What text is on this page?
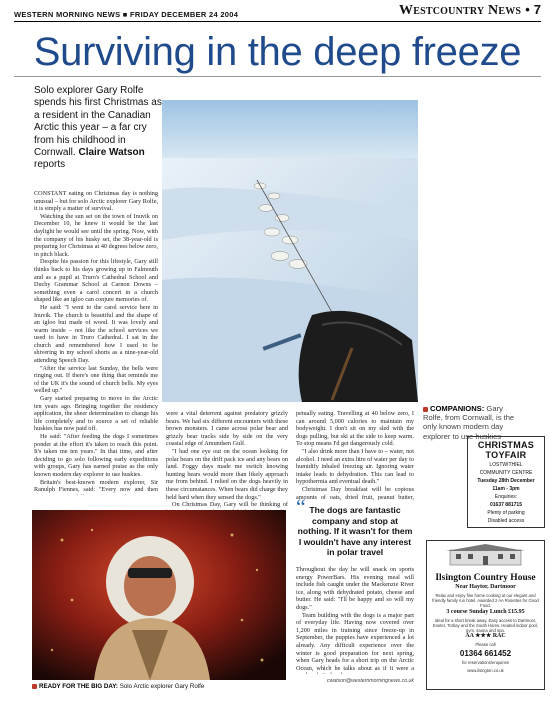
WESTERN MORNING NEWS ■ FRIDAY DECEMBER 24 2004	Westcountry News • 7
Surviving in the deep freeze
Solo explorer Gary Rolfe spends his first Christmas as a resident in the Canadian Arctic this year – a far cry from his childhood in Cornwall. Claire Watson reports

CONSTANT eating on Christmas day is nothing unusual – but for solo Arctic explorer Gary Rolfe, it is simply a matter of survival.

Watching the sun set on the town of Inuvik on December 10, he knew it would be the last daylight he would see until the spring. Now, with the company of his husky set, the 38-year-old is preparing for Christmas at 40 degrees below zero, in pitch black.

Despite his passion for this lifestyle, Gary still thinks back to his days growing up in Falmouth and as a pupil at Truro's Cathedral School and Duchy Grammar School at Carnon Downs – something even a carol concert in a church shaped like an igloo can conjure memories of.

He said: "I went to the carol service here in Inuvik. The church is beautiful and the shape of an igloo but made of wood. It was lovely and warm inside – not like the school services we used to have in Truro Cathedral. I sat in the church and remembered how I used to be shivering in my school shorts as a nine-year-old attending Speech Day.

"After the service last Sunday, the bells were ringing out. If there's one thing that reminds me of the UK it's the sound of church bells. My eyes welled up."

Gary started preparing to move to the Arctic ten years ago. Bringing together the residency application, the sheer determination to change his life completely and to source a set of reliable huskies has now paid off.

He said: "After feeding the dogs I sometimes ponder at the effort it's taken to reach this point. It's taken me ten years." In that time, and after deciding to go solo following early expeditions with groups, Gary has earned praise as the only known modern day explorer to use huskies.

Britain's best-known modern explorer, Sir Ranulph Fiennes, said: "Every now and then

were a vital deterrent against predatory grizzly bears. We had six different encounters with these brown monsters. I came across polar bear and grizzly bear tracks side by side on the very coastal edge of Amundsen Gulf.

"I had one eye out on the ocean looking for polar bears on the drift pack ice and any bears on land. Foggy days made me switch knowing hunting bears would more than likely approach me from behind. I relied on the dogs heavily in these circumstances. When bears did charge they held hard when they sensed the dogs."

On Christmas Day, Gary will be thinking of

petually eating. Travelling at 40 below zero, I can around 5,000 calories to maintain my bodyweight. I don't sit on my sled with the dogs pulling, but ski at the side to keep warm. To stop means I'd get dangerously cold.

"I also drink more than I have to – water, not alcohol. I need an extra litre of water per day to humidify inhaled freezing air. Ignoring water intake leads to dehydration. This can lead to hypothermia and eventual death."

Christmas Day breakfast will be copious amounts of oats, dried fruit, peanut butter,

“ The dogs are fantastic company and stop at nothing. If it wasn't for them I wouldn't have any interest in polar travel

Throughout the day he will snack on sports energy PowerBars. His evening meal will include fish caught under the Mackenzie River ice, along with dehydrated potato, cheese and butter. He said: "I'll be happy and so will my dogs."

Team building with the dogs is a major part of everyday life. Having now covered over 1,200 miles in training since freeze-up in September, the puppies have experienced a lot already. Any difficult experience over the winter is good preparation for next spring, when Gary heads for a short trip on the Arctic Ocean, which he talks about as if it were a

cwatson@westernmorningnews.co.uk
COMPANIONS: Gary Rolfe, from Cornwall, is the only known modern day explorer to use huskies
READY FOR THE BIG DAY: Solo Arctic explorer Gary Rolfe
CHRISTMAS
TOYFAIR
LOSTWITHIEL
COMMUNITY CENTRE
Tuesday 28th December
11am - 3pm
Enquiries:
01637 881715
Plenty of parking
Disabled access
Ilsington Country House
Near Haytor, Dartmoor
Relax and enjoy fine home cooking at our elegant and friendly family run hotel. Awarded 2 AA Rosettes for Good Food.
3 course Sunday Lunch £15.95
Ideal for a short break away. Easy access to Dartmoor, Exeter, Torbay and the South Hams. Heated indoor pool, gym, sauna and spa.
AA ★★★ RAC
Please call
01364 661452
for reservations/enquiries
www.ilsington.co.uk
